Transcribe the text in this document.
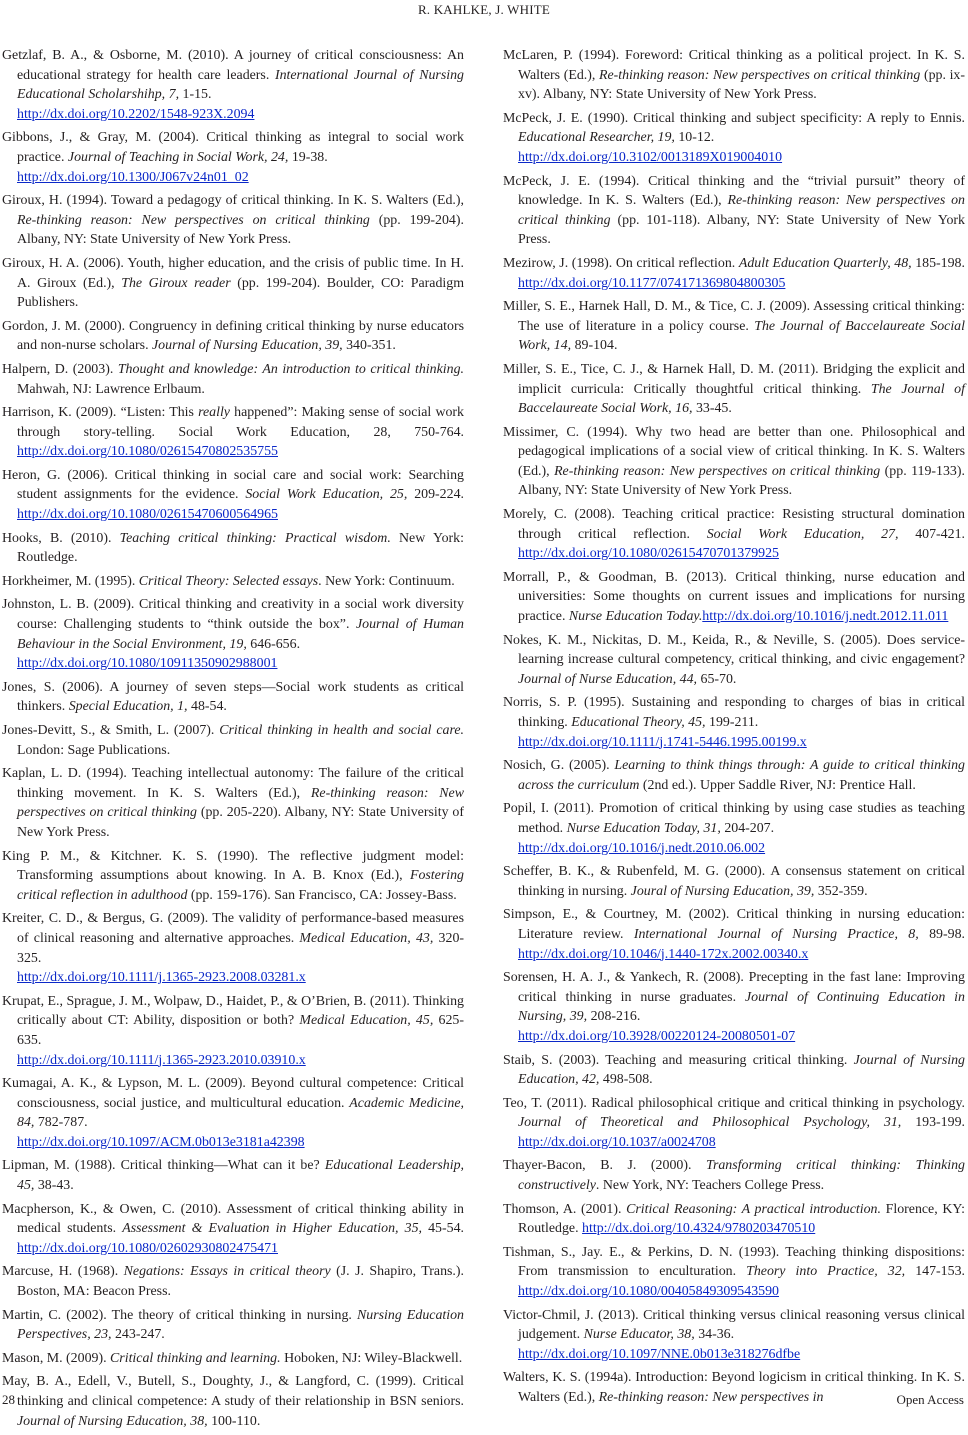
R. KAHLKE, J. WHITE

Getzlaf, B. A., & Osborne, M. (2010). A journey of critical consciousness: An educational strategy for health care leaders. International Journal of Nursing Educational Scholarshihp, 7, 1-15.
http://dx.doi.org/10.2202/1548-923X.2094

Gibbons, J., & Gray, M. (2004). Critical thinking as integral to social work practice. Journal of Teaching in Social Work, 24, 19-38.
http://dx.doi.org/10.1300/J067v24n01_02

Giroux, H. (1994). Toward a pedagogy of critical thinking. In K. S. Walters (Ed.), Re-thinking reason: New perspectives on critical thinking (pp. 199-204). Albany, NY: State University of New York Press.

Giroux, H. A. (2006). Youth, higher education, and the crisis of public time. In H. A. Giroux (Ed.), The Giroux reader (pp. 199-204). Boulder, CO: Paradigm Publishers.

Gordon, J. M. (2000). Congruency in defining critical thinking by nurse educators and non-nurse scholars. Journal of Nursing Education, 39, 340-351.

Halpern, D. (2003). Thought and knowledge: An introduction to critical thinking. Mahwah, NJ: Lawrence Erlbaum.

Harrison, K. (2009). “Listen: This really happened”: Making sense of social work through story-telling. Social Work Education, 28, 750-764. http://dx.doi.org/10.1080/02615470802535755

Heron, G. (2006). Critical thinking in social care and social work: Searching student assignments for the evidence. Social Work Education, 25, 209-224. http://dx.doi.org/10.1080/02615470600564965

Hooks, B. (2010). Teaching critical thinking: Practical wisdom. New York: Routledge.

Horkheimer, M. (1995). Critical Theory: Selected essays. New York: Continuum.

Johnston, L. B. (2009). Critical thinking and creativity in a social work diversity course: Challenging students to “think outside the box”. Journal of Human Behaviour in the Social Environment, 19, 646-656.
http://dx.doi.org/10.1080/10911350902988001

Jones, S. (2006). A journey of seven steps—Social work students as critical thinkers. Special Education, 1, 48-54.

Jones-Devitt, S., & Smith, L. (2007). Critical thinking in health and social care. London: Sage Publications.

Kaplan, L. D. (1994). Teaching intellectual autonomy: The failure of the critical thinking movement. In K. S. Walters (Ed.), Re-thinking reason: New perspectives on critical thinking (pp. 205-220). Albany, NY: State University of New York Press.

King P. M., & Kitchner. K. S. (1990). The reflective judgment model: Transforming assumptions about knowing. In A. B. Knox (Ed.), Fostering critical reflection in adulthood (pp. 159-176). San Francisco, CA: Jossey-Bass.

Kreiter, C. D., & Bergus, G. (2009). The validity of performance-based measures of clinical reasoning and alternative approaches. Medical Education, 43, 320-325.
http://dx.doi.org/10.1111/j.1365-2923.2008.03281.x

Krupat, E., Sprague, J. M., Wolpaw, D., Haidet, P., & O’Brien, B. (2011). Thinking critically about CT: Ability, disposition or both? Medical Education, 45, 625-635.
http://dx.doi.org/10.1111/j.1365-2923.2010.03910.x

Kumagai, A. K., & Lypson, M. L. (2009). Beyond cultural competence: Critical consciousness, social justice, and multicultural education. Academic Medicine, 84, 782-787.
http://dx.doi.org/10.1097/ACM.0b013e3181a42398

Lipman, M. (1988). Critical thinking—What can it be? Educational Leadership, 45, 38-43.

Macpherson, K., & Owen, C. (2010). Assessment of critical thinking ability in medical students. Assessment & Evaluation in Higher Education, 35, 45-54. http://dx.doi.org/10.1080/02602930802475471

Marcuse, H. (1968). Negations: Essays in critical theory (J. J. Shapiro, Trans.). Boston, MA: Beacon Press.

Martin, C. (2002). The theory of critical thinking in nursing. Nursing Education Perspectives, 23, 243-247.

Mason, M. (2009). Critical thinking and learning. Hoboken, NJ: Wiley-Blackwell.

May, B. A., Edell, V., Butell, S., Doughty, J., & Langford, C. (1999). Critical thinking and clinical competence: A study of their relationship in BSN seniors. Journal of Nursing Education, 38, 100-110.

McLaren, P. (1994). Foreword: Critical thinking as a political project. In K. S. Walters (Ed.), Re-thinking reason: New perspectives on critical thinking (pp. ix-xv). Albany, NY: State University of New York Press.

McPeck, J. E. (1990). Critical thinking and subject specificity: A reply to Ennis. Educational Researcher, 19, 10-12.
http://dx.doi.org/10.3102/0013189X019004010

McPeck, J. E. (1994). Critical thinking and the “trivial pursuit” theory of knowledge. In K. S. Walters (Ed.), Re-thinking reason: New perspectives on critical thinking (pp. 101-118). Albany, NY: State University of New York Press.

Mezirow, J. (1998). On critical reflection. Adult Education Quarterly, 48, 185-198. http://dx.doi.org/10.1177/074171369804800305

Miller, S. E., Harnek Hall, D. M., & Tice, C. J. (2009). Assessing critical thinking: The use of literature in a policy course. The Journal of Baccelaureate Social Work, 14, 89-104.

Miller, S. E., Tice, C. J., & Harnek Hall, D. M. (2011). Bridging the explicit and implicit curricula: Critically thoughtful critical thinking. The Journal of Baccelaureate Social Work, 16, 33-45.

Missimer, C. (1994). Why two head are better than one. Philosophical and pedagogical implications of a social view of critical thinking. In K. S. Walters (Ed.), Re-thinking reason: New perspectives on critical thinking (pp. 119-133). Albany, NY: State University of New York Press.

Morely, C. (2008). Teaching critical practice: Resisting structural domination through critical reflection. Social Work Education, 27, 407-421. http://dx.doi.org/10.1080/02615470701379925

Morrall, P., & Goodman, B. (2013). Critical thinking, nurse education and universities: Some thoughts on current issues and implications for nursing practice. Nurse Education Today.http://dx.doi.org/10.1016/j.nedt.2012.11.011

Nokes, K. M., Nickitas, D. M., Keida, R., & Neville, S. (2005). Does service-learning increase cultural competency, critical thinking, and civic engagement? Journal of Nurse Education, 44, 65-70.

Norris, S. P. (1995). Sustaining and responding to charges of bias in critical thinking. Educational Theory, 45, 199-211.
http://dx.doi.org/10.1111/j.1741-5446.1995.00199.x

Nosich, G. (2005). Learning to think things through: A guide to critical thinking across the curriculum (2nd ed.). Upper Saddle River, NJ: Prentice Hall.

Popil, I. (2011). Promotion of critical thinking by using case studies as teaching method. Nurse Education Today, 31, 204-207.
http://dx.doi.org/10.1016/j.nedt.2010.06.002

Scheffer, B. K., & Rubenfeld, M. G. (2000). A consensus statement on critical thinking in nursing. Joural of Nursing Education, 39, 352-359.

Simpson, E., & Courtney, M. (2002). Critical thinking in nursing education: Literature review. International Journal of Nursing Practice, 8, 89-98. http://dx.doi.org/10.1046/j.1440-172x.2002.00340.x

Sorensen, H. A. J., & Yankech, R. (2008). Precepting in the fast lane: Improving critical thinking in nurse graduates. Journal of Continuing Education in Nursing, 39, 208-216.
http://dx.doi.org/10.3928/00220124-20080501-07

Staib, S. (2003). Teaching and measuring critical thinking. Journal of Nursing Education, 42, 498-508.

Teo, T. (2011). Radical philosophical critique and critical thinking in psychology. Journal of Theoretical and Philosophical Psychology, 31, 193-199. http://dx.doi.org/10.1037/a0024708

Thayer-Bacon, B. J. (2000). Transforming critical thinking: Thinking constructively. New York, NY: Teachers College Press.

Thomson, A. (2001). Critical Reasoning: A practical introduction. Florence, KY: Routledge. http://dx.doi.org/10.4324/9780203470510

Tishman, S., Jay. E., & Perkins, D. N. (1993). Teaching thinking dispositions: From transmission to enculturation. Theory into Practice, 32, 147-153. http://dx.doi.org/10.1080/00405849309543590

Victor-Chmil, J. (2013). Critical thinking versus clinical reasoning versus clinical judgement. Nurse Educator, 38, 34-36.
http://dx.doi.org/10.1097/NNE.0b013e318276dfbe

Walters, K. S. (1994a). Introduction: Beyond logicism in critical thinking. In K. S. Walters (Ed.), Re-thinking reason: New perspectives in

28	Open Access
